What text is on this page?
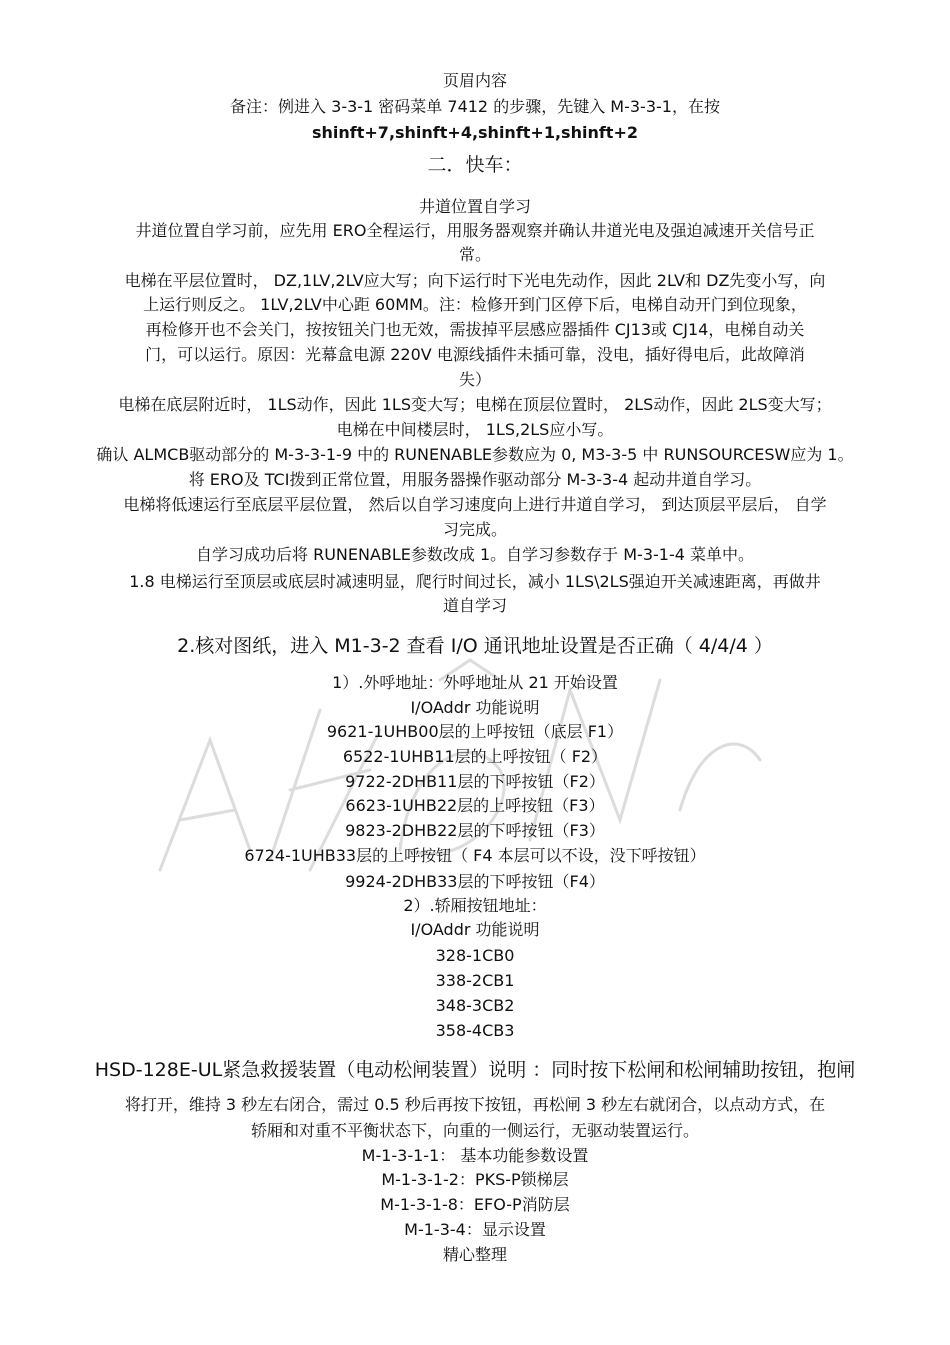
页眉内容
备注：例进入 3-3-1 密码菜单 7412 的步骤，先键入 M-3-3-1，在按
shinft+7,shinft+4,shinft+1,shinft+2
二．快车：
井道位置自学习
井道位置自学习前，应先用 ERO全程运行，用服务器观察并确认井道光电及强迫减速开关信号正
常。
电梯在平层位置时， DZ,1LV,2LV应大写；向下运行时下光电先动作，因此 2LV和 DZ先变小写，向
上运行则反之。 1LV,2LV中心距 60MM。注：检修开到门区停下后，电梯自动开门到位现象，
再检修开也不会关门，按按钮关门也无效，需拔掉平层感应器插件 CJ13或 CJ14，电梯自动关
门，可以运行。原因：光幕盒电源 220V 电源线插件未插可靠，没电，插好得电后，此故障消
失）
电梯在底层附近时， 1LS动作，因此 1LS变大写；电梯在顶层位置时， 2LS动作，因此 2LS变大写；
电梯在中间楼层时， 1LS,2LS应小写。
确认 ALMCB驱动部分的 M-3-3-1-9 中的 RUNENABLE参数应为 0, M3-3-5 中 RUNSOURCESW应为 1。
将 ERO及 TCI拨到正常位置，用服务器操作驱动部分 M-3-3-4 起动井道自学习。
电梯将低速运行至底层平层位置， 然后以自学习速度向上进行井道自学习， 到达顶层平层后， 自学
习完成。
自学习成功后将 RUNENABLE参数改成 1。自学习参数存于 M-3-1-4 菜单中。
1.8 电梯运行至顶层或底层时减速明显，爬行时间过长，减小 1LS\2LS强迫开关减速距离，再做井
道自学习
2.核对图纸，进入 M1-3-2 查看 I/O 通讯地址设置是否正确（ 4/4/4 ）
1）.外呼地址：外呼地址从 21 开始设置
I/OAddr 功能说明
9621-1UHB00层的上呼按钮（底层 F1）
6522-1UHB11层的上呼按钮（ F2）
9722-2DHB11层的下呼按钮（F2）
6623-1UHB22层的上呼按钮（F3）
9823-2DHB22层的下呼按钮（F3）
6724-1UHB33层的上呼按钮（ F4 本层可以不设，没下呼按钮）
9924-2DHB33层的下呼按钮（F4）
2）.轿厢按钮地址：
I/OAddr 功能说明
328-1CB0
338-2CB1
348-3CB2
358-4CB3
HSD-128E-UL紧急救援装置（电动松闸装置）说明 ：同时按下松闸和松闸辅助按钮，抱闸
将打开，维持 3 秒左右闭合，需过 0.5 秒后再按下按钮，再松闸 3 秒左右就闭合，以点动方式，在
轿厢和对重不平衡状态下，向重的一侧运行，无驱动装置运行。
M-1-3-1-1： 基本功能参数设置
M-1-3-1-2：PKS-P锁梯层
M-1-3-1-8：EFO-P消防层
M-1-3-4：显示设置
精心整理
